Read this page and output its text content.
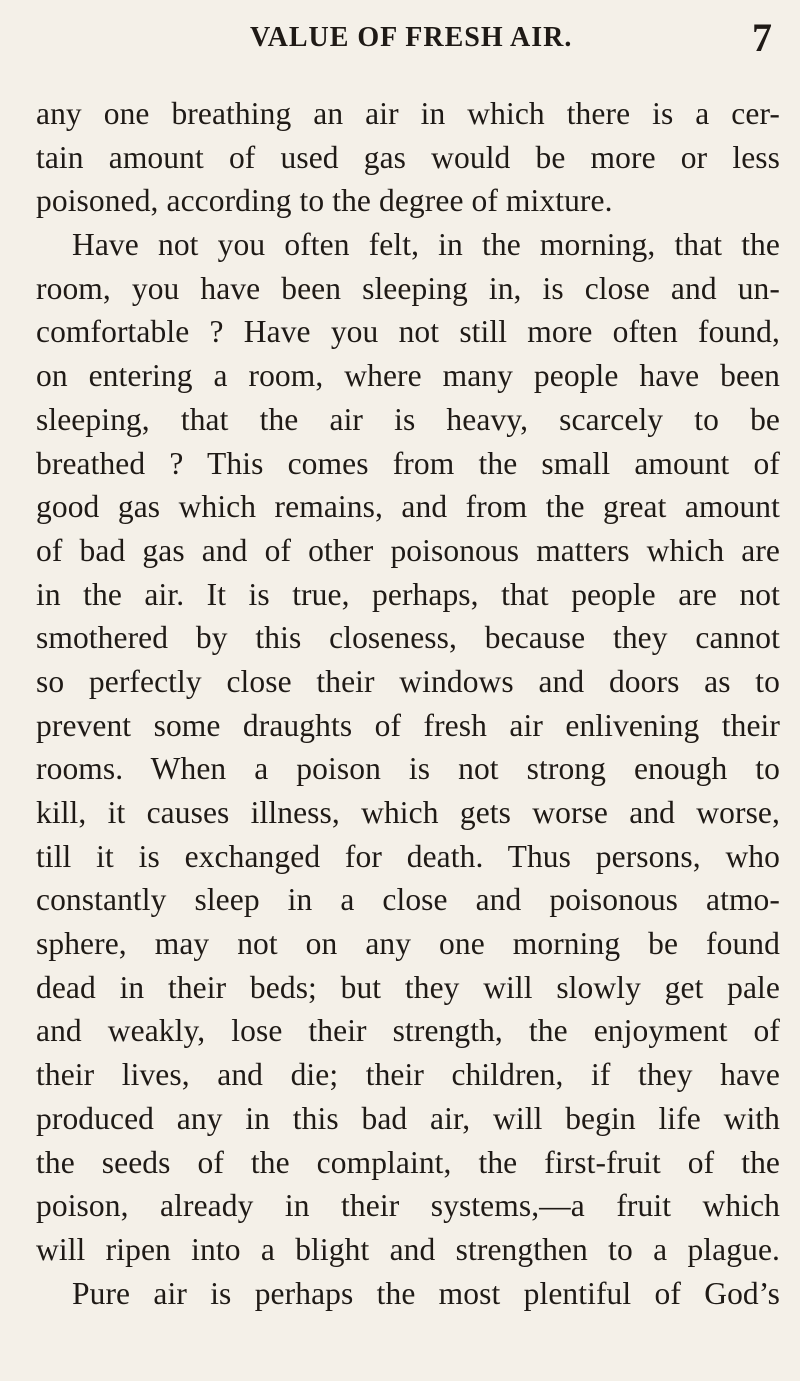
VALUE OF FRESH AIR.	7
any one breathing an air in which there is a cer-
tain amount of used gas would be more or less
poisoned, according to the degree of mixture.
Have not you often felt, in the morning, that the
room, you have been sleeping in, is close and un-
comfortable ? Have you not still more often found,
on entering a room, where many people have been
sleeping, that the air is heavy, scarcely to be
breathed ? This comes from the small amount of
good gas which remains, and from the great amount
of bad gas and of other poisonous matters which are
in the air. It is true, perhaps, that people are not
smothered by this closeness, because they cannot
so perfectly close their windows and doors as to
prevent some draughts of fresh air enlivening their
rooms. When a poison is not strong enough to
kill, it causes illness, which gets worse and worse,
till it is exchanged for death. Thus persons, who
constantly sleep in a close and poisonous atmo-
sphere, may not on any one morning be found
dead in their beds; but they will slowly get pale
and weakly, lose their strength, the enjoyment of
their lives, and die; their children, if they have
produced any in this bad air, will begin life with
the seeds of the complaint, the first-fruit of the
poison, already in their systems,—a fruit which
will ripen into a blight and strengthen to a plague.
Pure air is perhaps the most plentiful of God’s
